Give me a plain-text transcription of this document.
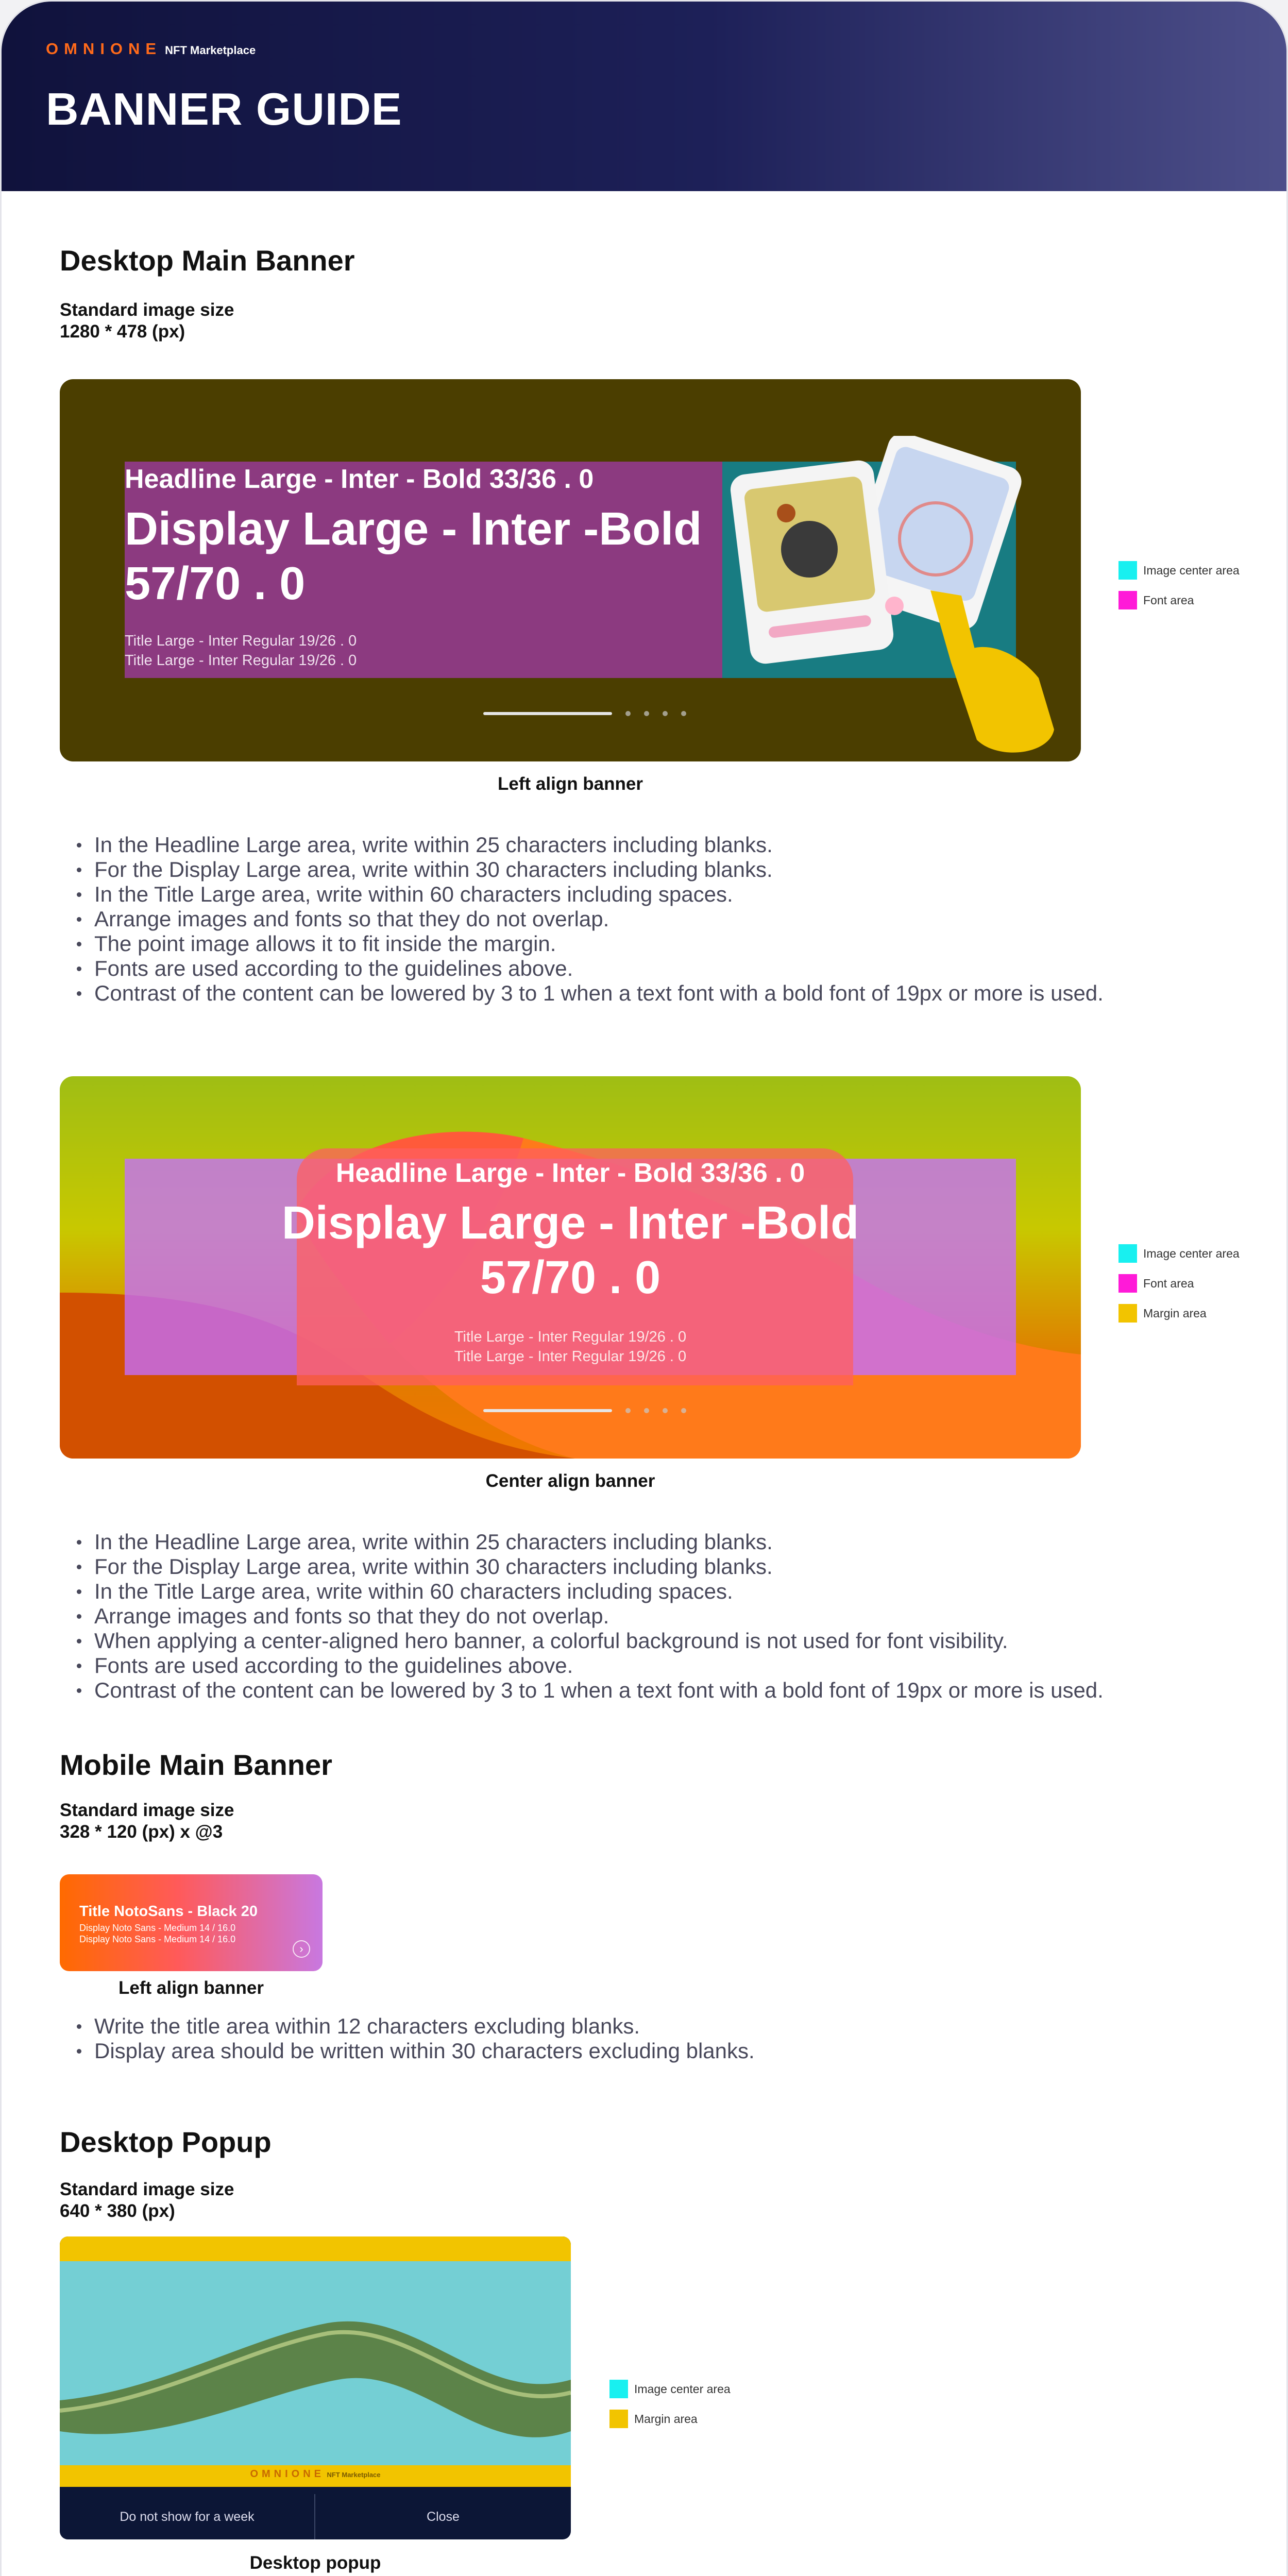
OMNIONE NFT Marketplace
BANNER GUIDE
Desktop Main Banner
Standard image size
1280 * 478 (px)
Headline Large - Inter - Bold 33/36 . 0
Display Large - Inter -Bold
57/70 . 0
Title Large - Inter Regular 19/26 . 0
Title Large - Inter Regular 19/26 . 0
Image center area
Font area
Left align banner
In the Headline Large area, write within 25 characters including blanks.
For the Display Large area, write within 30 characters including blanks.
In the Title Large area, write within 60 characters including spaces.
Arrange images and fonts so that they do not overlap.
The point image allows it to fit inside the margin.
Fonts are used according to the guidelines above.
Contrast of the content can be lowered by 3 to 1 when a text font with a bold font of 19px or more is used.
Headline Large - Inter - Bold 33/36 . 0
Display Large - Inter -Bold
57/70 . 0
Title Large - Inter Regular 19/26 . 0
Title Large - Inter Regular 19/26 . 0
Image center area
Font area
Margin area
Center align banner
In the Headline Large area, write within 25 characters including blanks.
For the Display Large area, write within 30 characters including blanks.
In the Title Large area, write within 60 characters including spaces.
Arrange images and fonts so that they do not overlap.
When applying a center-aligned hero banner, a colorful background is not used for font visibility.
Fonts are used according to the guidelines above.
Contrast of the content can be lowered by 3 to 1 when a text font with a bold font of 19px or more is used.
Mobile Main Banner
Standard image size
328 * 120 (px) x @3
Title NotoSans - Black 20
Display Noto Sans - Medium 14 / 16.0
Display Noto Sans - Medium 14 / 16.0
›
Left align banner
Write the title area within 12 characters excluding blanks.
Display area should be written within 30 characters excluding blanks.
Desktop Popup
Standard image size
640 * 380 (px)
OMNIONE NFT Marketplace
Do not show for a week	Close
Image center area
Margin area
Desktop popup
